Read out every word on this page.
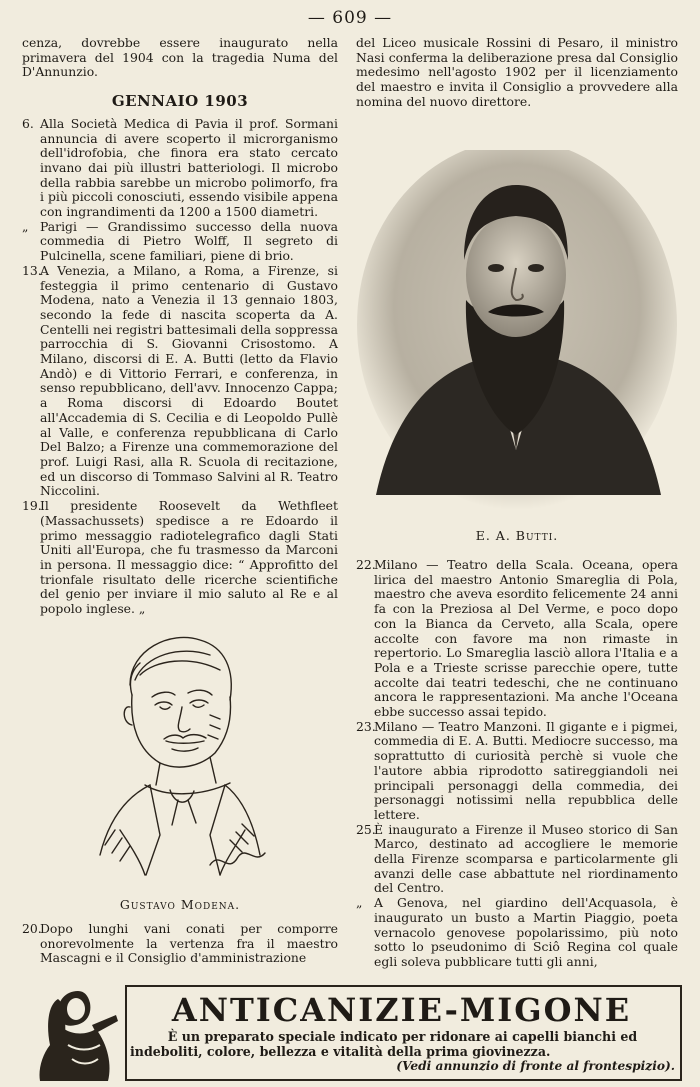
— 609 —

cenza, dovrebbe essere inaugurato nella primavera del 1904 con la tragedia Numa del D'Annunzio.

GENNAIO 1903

6. Alla Società Medica di Pavia il prof. Sormani annuncia di avere scoperto il microrganismo dell'idrofobia, che finora era stato cercato invano dai più illustri batteriologi. Il microbo della rabbia sarebbe un microbo polimorfo, fra i più piccoli conosciuti, essendo visibile appena con ingrandimenti da 1200 a 1500 diametri.

„ Parigi — Grandissimo successo della nuova commedia di Pietro Wolff, Il segreto di Pulcinella, scene familiari, piene di brio.

13.A Venezia, a Milano, a Roma, a Firenze, si festeggia il primo centenario di Gustavo Modena, nato a Venezia il 13 gennaio 1803, secondo la fede di nascita scoperta da A. Centelli nei registri battesimali della soppressa parrocchia di S. Giovanni Crisostomo. A Milano, discorsi di E. A. Butti (letto da Flavio Andò) e di Vittorio Ferrari, e conferenza, in senso repubblicano, dell'avv. Innocenzo Cappa; a Roma discorsi di Edoardo Boutet all'Accademia di S. Cecilia e di Leopoldo Pullè al Valle, e conferenza repubblicana di Carlo Del Balzo; a Firenze una commemorazione del prof. Luigi Rasi, alla R. Scuola di recitazione, ed un discorso di Tommaso Salvini al R. Teatro Niccolini.

19.Il presidente Roosevelt da Wethfleet (Massachussets) spedisce a re Edoardo il primo messaggio radiotelegrafico dagli Stati Uniti all'Europa, che fu trasmesso da Marconi in persona. Il messaggio dice: “ Approfitto del trionfale risultato delle ricerche scientifiche del genio per inviare il mio saluto al Re e al popolo inglese. „

Gustavo Modena.

20.Dopo lunghi vani conati per comporre onorevolmente la vertenza fra il maestro Mascagni e il Consiglio d'amministrazione

del Liceo musicale Rossini di Pesaro, il ministro Nasi conferma la deliberazione presa dal Consiglio medesimo nell'agosto 1902 per il licenziamento del maestro e invita il Consiglio a provvedere alla nomina del nuovo direttore.

E. A. Butti.

22.Milano — Teatro della Scala. Oceana, opera lirica del maestro Antonio Smareglia di Pola, maestro che aveva esordito felicemente 24 anni fa con la Preziosa al Del Verme, e poco dopo con la Bianca da Cerveto, alla Scala, opere accolte con favore ma non rimaste in repertorio. Lo Smareglia lasciò allora l'Italia e a Pola e a Trieste scrisse parecchie opere, tutte accolte dai teatri tedeschi, che ne continuano ancora le rappresentazioni. Ma anche l'Oceana ebbe successo assai tepido.

23.Milano — Teatro Manzoni. Il gigante e i pigmei, commedia di E. A. Butti. Mediocre successo, ma soprattutto di curiosità perchè si vuole che l'autore abbia riprodotto satireggiandoli nei principali personaggi della commedia, dei personaggi notissimi nella repubblica delle lettere.

25.È inaugurato a Firenze il Museo storico di San Marco, destinato ad accogliere le memorie della Firenze scomparsa e particolarmente gli avanzi delle case abbattute nel riordinamento del Centro.

„ A Genova, nel giardino dell'Acquasola, è inaugurato un busto a Martin Piaggio, poeta vernacolo genovese popolarissimo, più noto sotto lo pseudonimo di Sciô Regina col quale egli soleva pubblicare tutti gli anni,

ANTICANIZIE-MIGONE
È un preparato speciale indicato per ridonare ai capelli bianchi ed
indeboliti, colore, bellezza e vitalità della prima giovinezza.
(Vedi annunzio di fronte al frontespizio).
